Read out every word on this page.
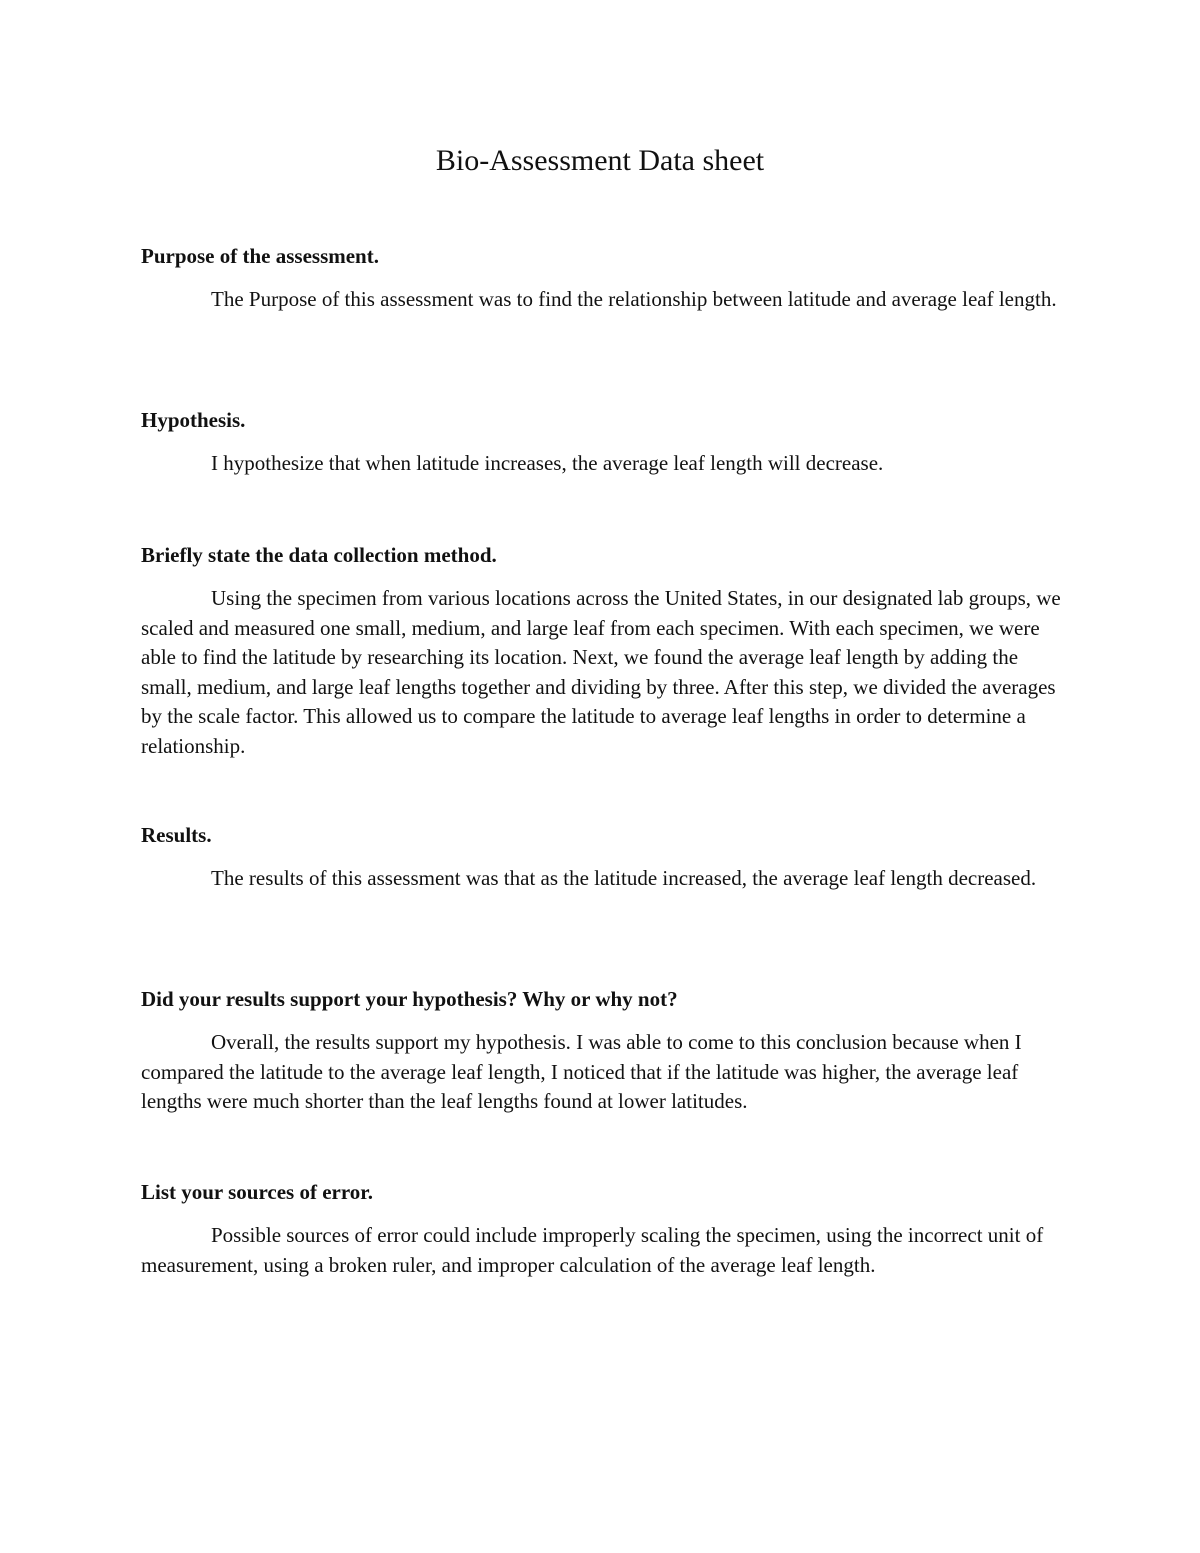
Bio-Assessment Data sheet

Purpose of the assessment.

The Purpose of this assessment was to find the relationship between latitude and average leaf length.

Hypothesis.

I hypothesize that when latitude increases, the average leaf length will decrease.

Briefly state the data collection method.

Using the specimen from various locations across the United States, in our designated lab groups, we scaled and measured one small, medium, and large leaf from each specimen. With each specimen, we were able to find the latitude by researching its location. Next, we found the average leaf length by adding the small, medium, and large leaf lengths together and dividing by three. After this step, we divided the averages by the scale factor. This allowed us to compare the latitude to average leaf lengths in order to determine a relationship.

Results.

The results of this assessment was that as the latitude increased, the average leaf length decreased.

Did your results support your hypothesis? Why or why not?

Overall, the results support my hypothesis. I was able to come to this conclusion because when I compared the latitude to the average leaf length, I noticed that if the latitude was higher, the average leaf lengths were much shorter than the leaf lengths found at lower latitudes.

List your sources of error.

Possible sources of error could include improperly scaling the specimen, using the incorrect unit of measurement, using a broken ruler, and improper calculation of the average leaf length.
